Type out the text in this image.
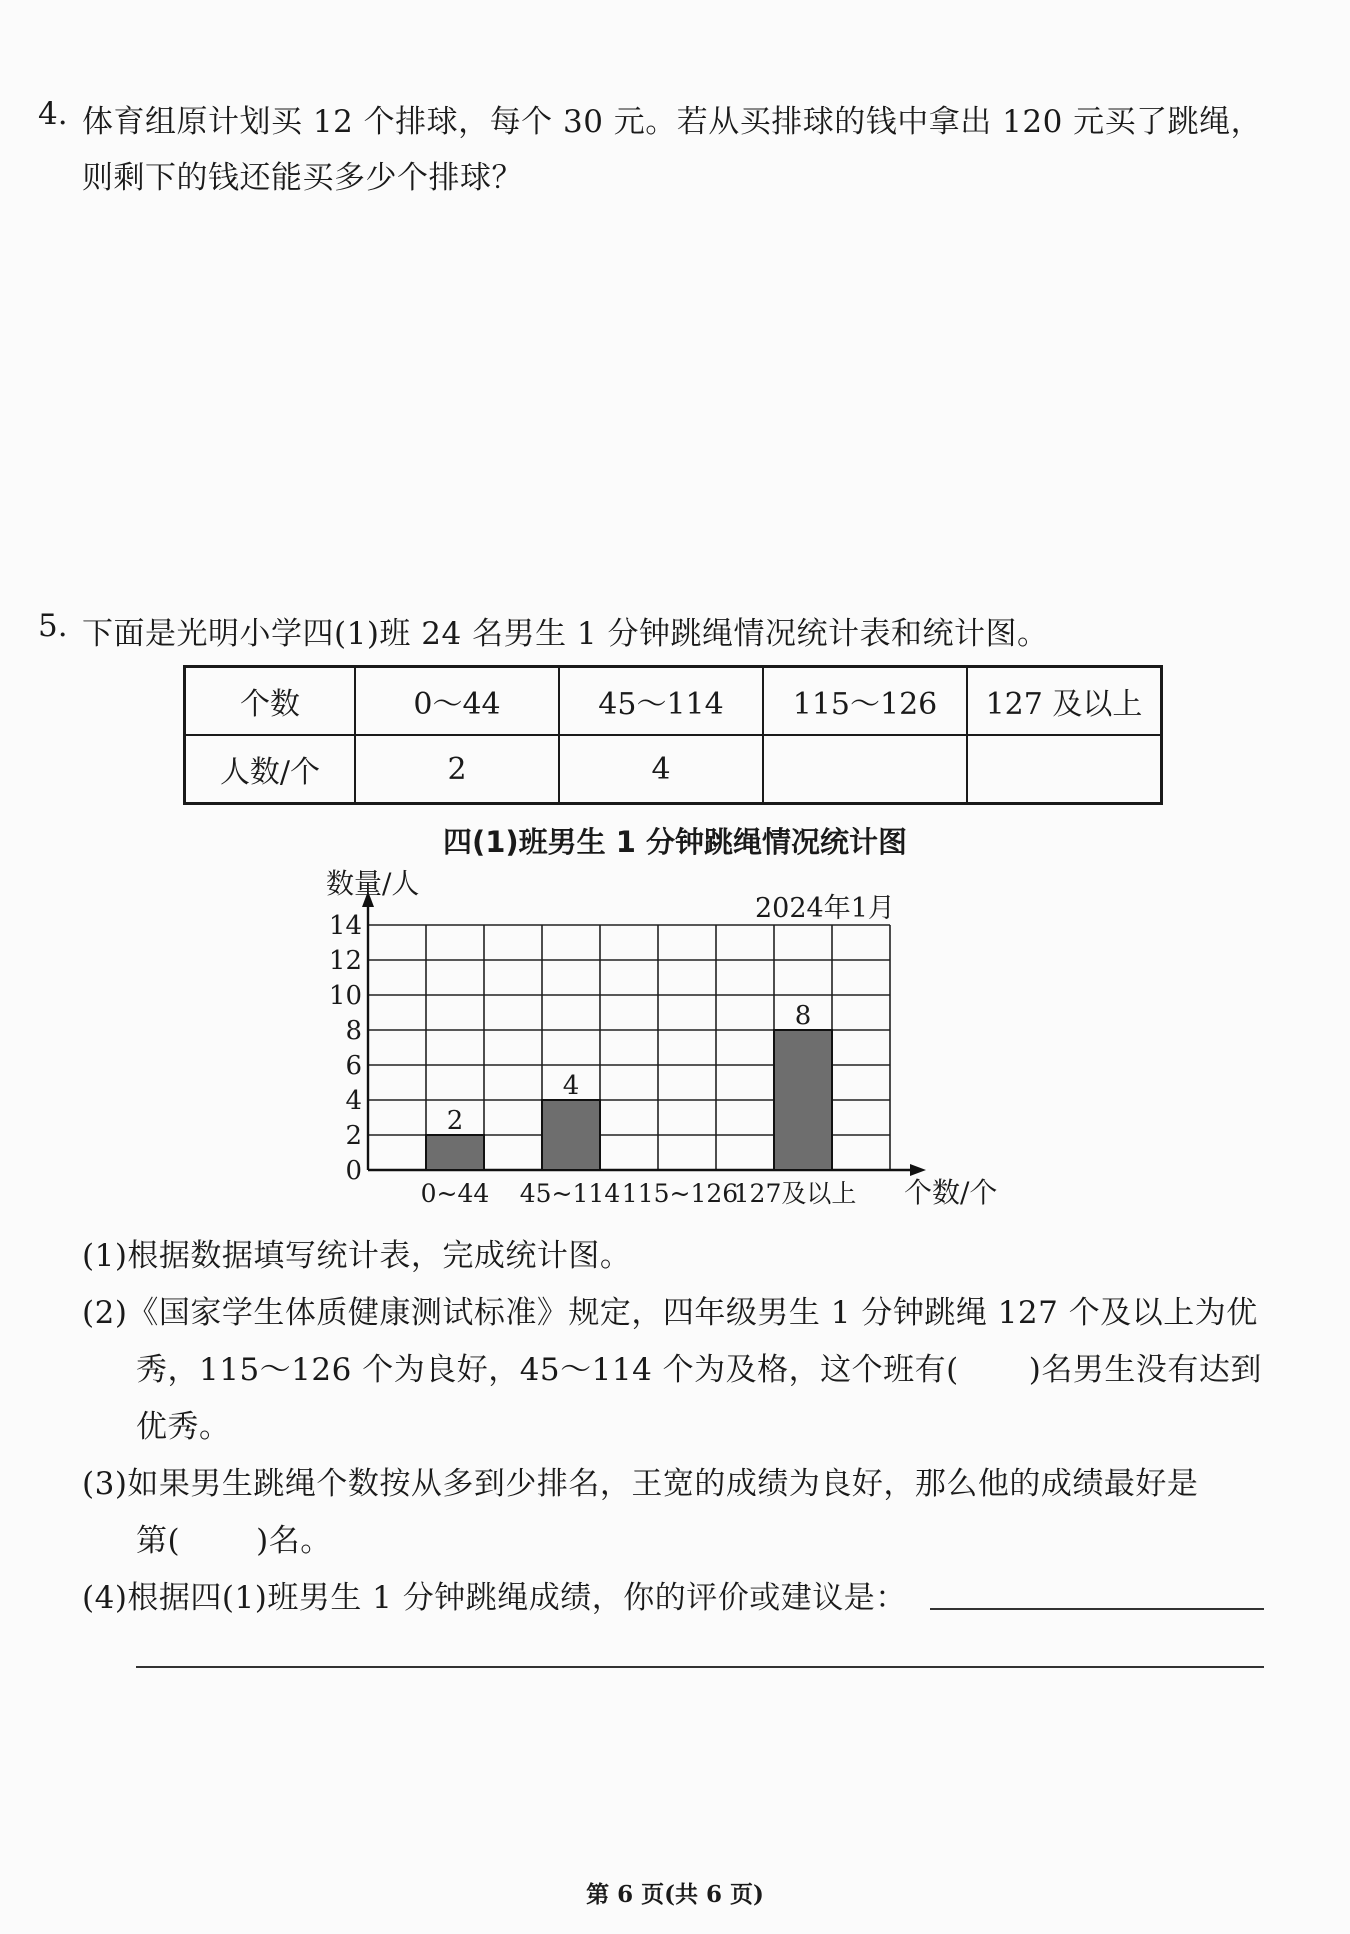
4. 体育组原计划买 12 个排球，每个 30 元。若从买排球的钱中拿出 120 元买了跳绳，
则剩下的钱还能买多少个排球？
5. 下面是光明小学四(1)班 24 名男生 1 分钟跳绳情况统计表和统计图。
个数	0～44	45～114	115～126	127 及以上
人数/个	2	4		
四(1)班男生 1 分钟跳绳情况统计图
0
2
4
6
8
10
12
14
数量/人
2024年1月
个数/个
2
0~44
4
45~114 115~126
8
127及以上
(1)根据数据填写统计表，完成统计图。
(2)《国家学生体质健康测试标准》规定，四年级男生 1 分钟跳绳 127 个及以上为优
秀，115～126 个为良好，45～114 个为及格，这个班有( )名男生没有达到
优秀。
(3)如果男生跳绳个数按从多到少排名，王宽的成绩为良好，那么他的成绩最好是
第( )名。
(4)根据四(1)班男生 1 分钟跳绳成绩，你的评价或建议是：
第 6 页(共 6 页)
